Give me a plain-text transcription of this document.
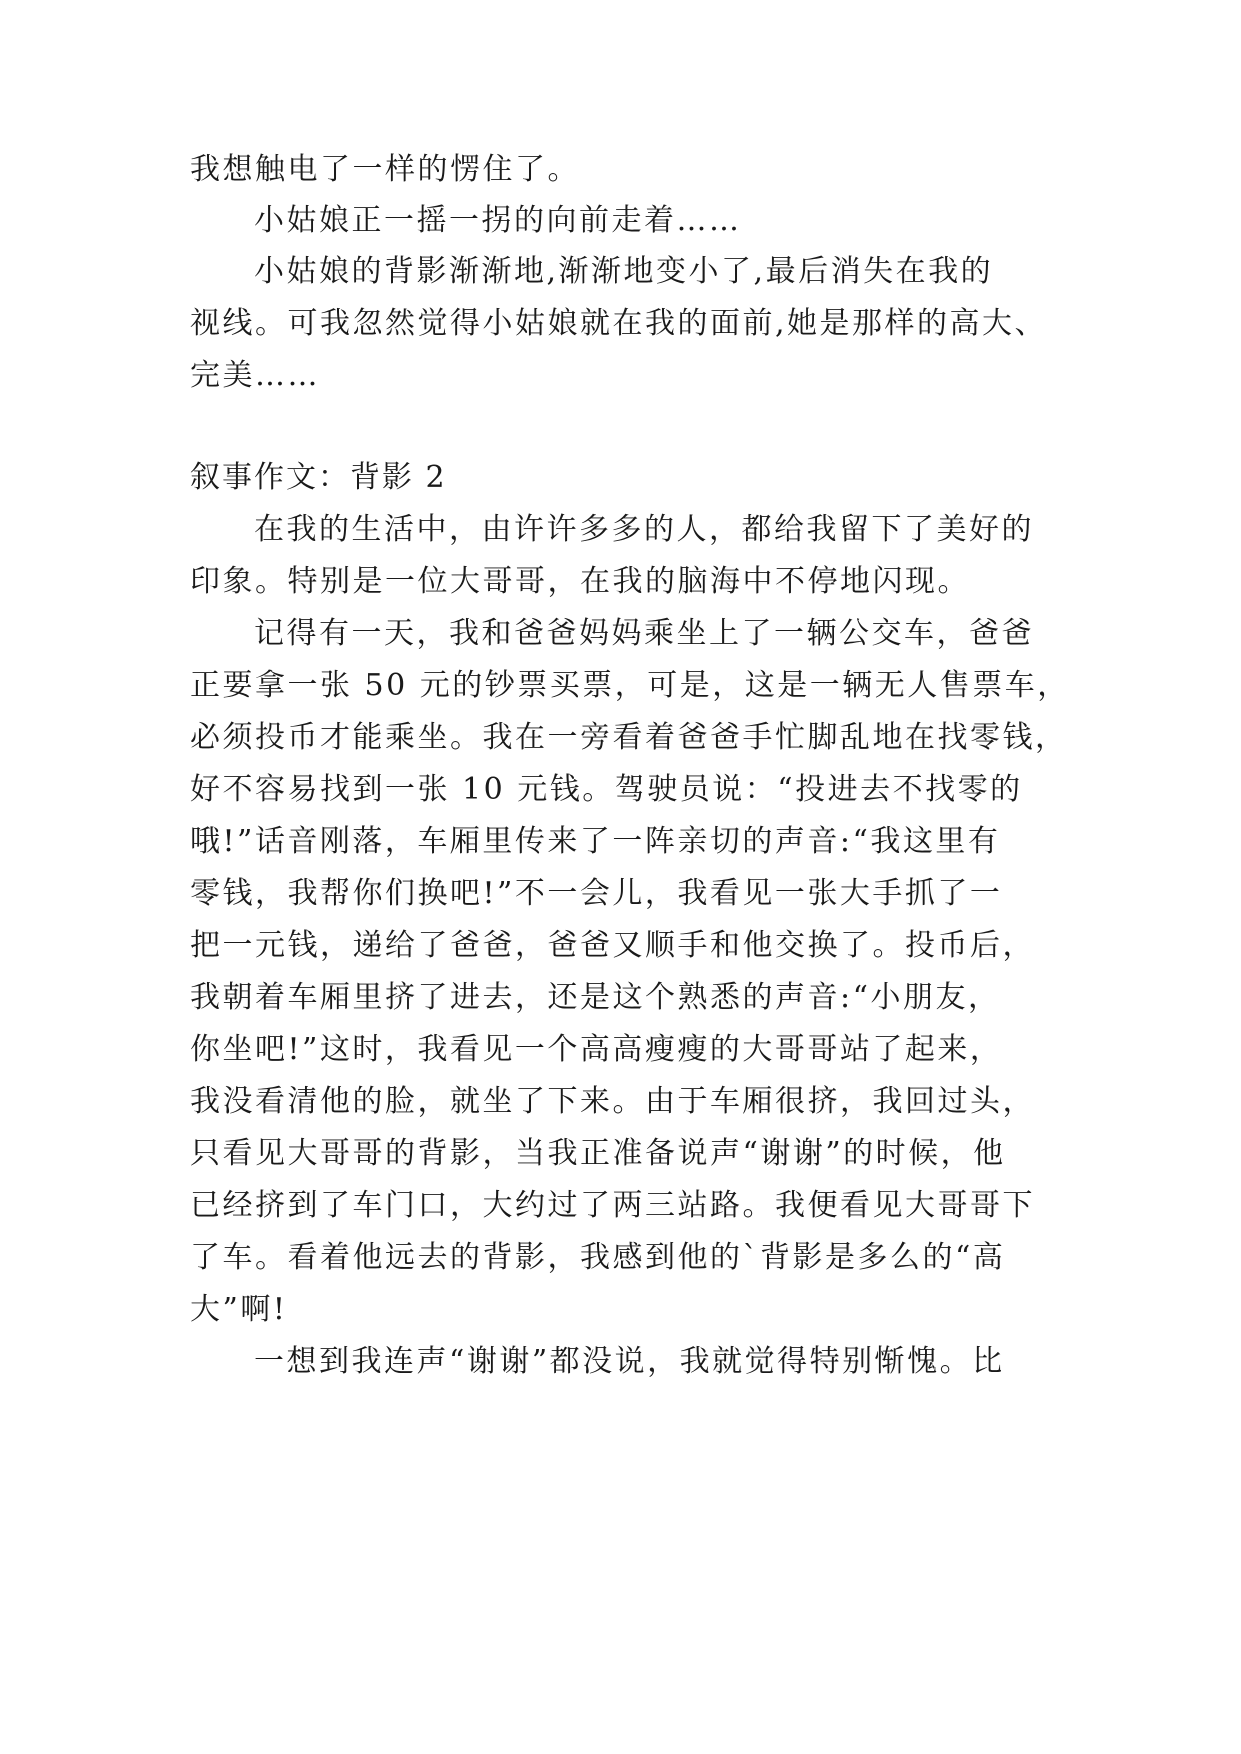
我想触电了一样的愣住了。
小姑娘正一摇一拐的向前走着……
小姑娘的背影渐渐地,渐渐地变小了,最后消失在我的
视线。可我忽然觉得小姑娘就在我的面前,她是那样的高大、
完美……
叙事作文：背影 2
在我的生活中，由许许多多的人，都给我留下了美好的
印象。特别是一位大哥哥，在我的脑海中不停地闪现。
记得有一天，我和爸爸妈妈乘坐上了一辆公交车，爸爸
正要拿一张 50 元的钞票买票，可是，这是一辆无人售票车，
必须投币才能乘坐。我在一旁看着爸爸手忙脚乱地在找零钱，
好不容易找到一张 10 元钱。驾驶员说：“投进去不找零的
哦!”话音刚落，车厢里传来了一阵亲切的声音:“我这里有
零钱，我帮你们换吧!”不一会儿，我看见一张大手抓了一
把一元钱，递给了爸爸，爸爸又顺手和他交换了。投币后，
我朝着车厢里挤了进去，还是这个熟悉的声音:“小朋友，
你坐吧!”这时，我看见一个高高瘦瘦的大哥哥站了起来，
我没看清他的脸，就坐了下来。由于车厢很挤，我回过头，
只看见大哥哥的背影，当我正准备说声“谢谢”的时候，他
已经挤到了车门口，大约过了两三站路。我便看见大哥哥下
了车。看着他远去的背影，我感到他的`背影是多么的“高
大”啊!
一想到我连声“谢谢”都没说，我就觉得特别惭愧。比
